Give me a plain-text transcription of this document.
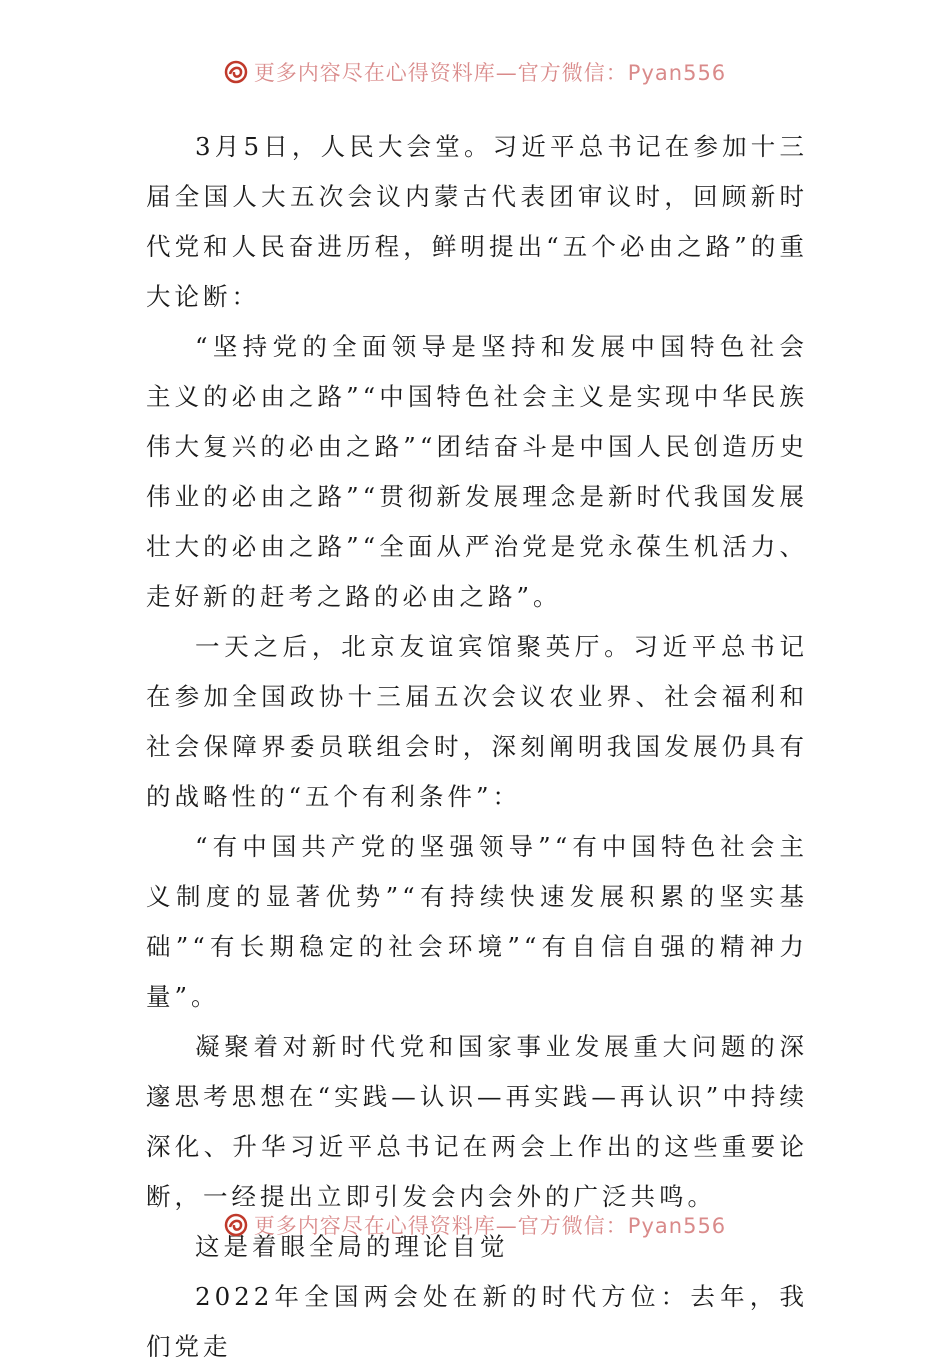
更多内容尽在心得资料库—官方微信：Pyan556

3月5日，人民大会堂。习近平总书记在参加十三届全国人大五次会议内蒙古代表团审议时，回顾新时代党和人民奋进历程，鲜明提出“五个必由之路”的重大论断：

“坚持党的全面领导是坚持和发展中国特色社会主义的必由之路”“中国特色社会主义是实现中华民族伟大复兴的必由之路”“团结奋斗是中国人民创造历史伟业的必由之路”“贯彻新发展理念是新时代我国发展壮大的必由之路”“全面从严治党是党永葆生机活力、走好新的赶考之路的必由之路”。

一天之后，北京友谊宾馆聚英厅。习近平总书记在参加全国政协十三届五次会议农业界、社会福利和社会保障界委员联组会时，深刻阐明我国发展仍具有的战略性的“五个有利条件”：

“有中国共产党的坚强领导”“有中国特色社会主义制度的显著优势”“有持续快速发展积累的坚实基础”“有长期稳定的社会环境”“有自信自强的精神力量”。

凝聚着对新时代党和国家事业发展重大问题的深邃思考思想在“实践—认识—再实践—再认识”中持续深化、升华习近平总书记在两会上作出的这些重要论断，一经提出立即引发会内会外的广泛共鸣。

这是着眼全局的理论自觉

2022年全国两会处在新的时代方位：去年，我们党走

更多内容尽在心得资料库—官方微信：Pyan556
